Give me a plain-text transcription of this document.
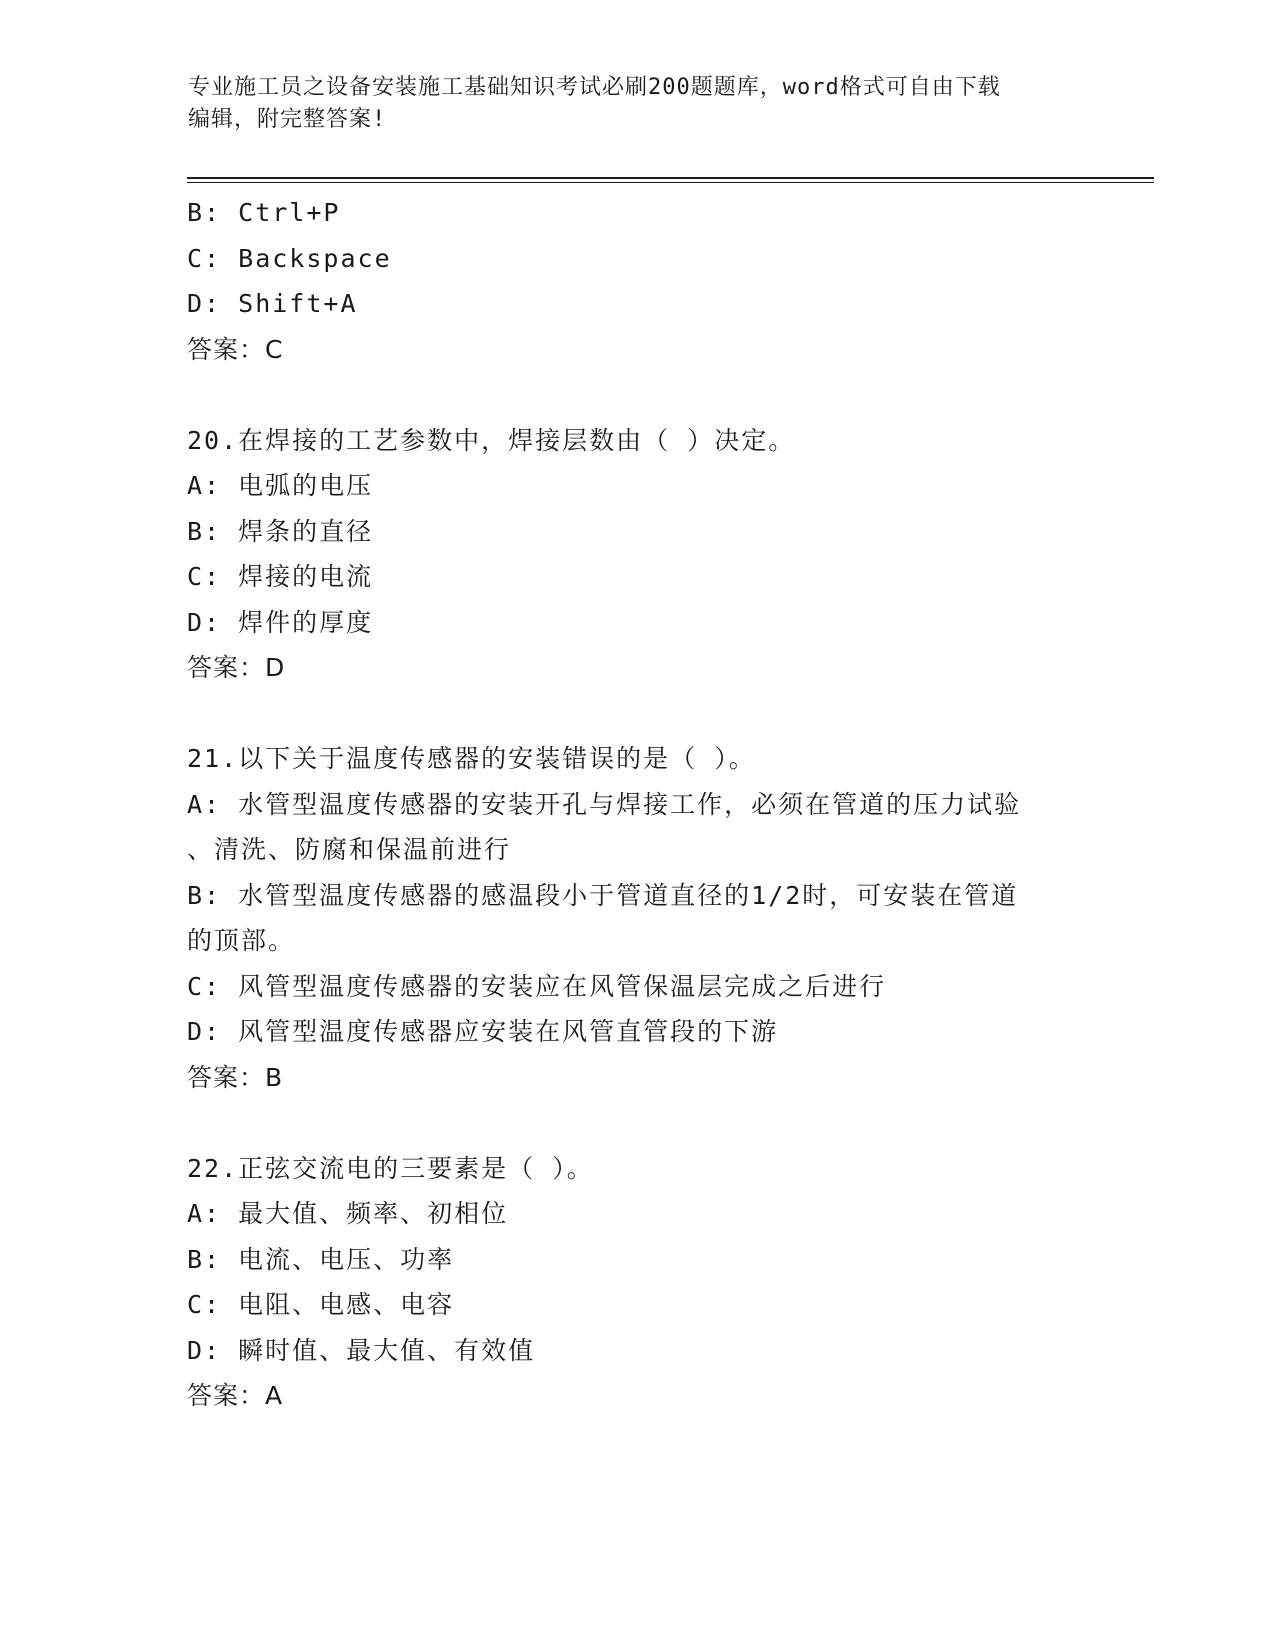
专业施工员之设备安装施工基础知识考试必刷200题题库，word格式可自由下载
编辑，附完整答案!
B: Ctrl+P
C: Backspace
D: Shift+A
答案：C
20.在焊接的工艺参数中，焊接层数由（ ）决定。
A: 电弧的电压
B: 焊条的直径
C: 焊接的电流
D: 焊件的厚度
答案：D
21.以下关于温度传感器的安装错误的是（ ）。
A: 水管型温度传感器的安装开孔与焊接工作，必须在管道的压力试验
、清洗、防腐和保温前进行
B: 水管型温度传感器的感温段小于管道直径的1/2时，可安装在管道
的顶部。
C: 风管型温度传感器的安装应在风管保温层完成之后进行
D: 风管型温度传感器应安装在风管直管段的下游
答案：B
22.正弦交流电的三要素是（ ）。
A: 最大值、频率、初相位
B: 电流、电压、功率
C: 电阻、电感、电容
D: 瞬时值、最大值、有效值
答案：A
